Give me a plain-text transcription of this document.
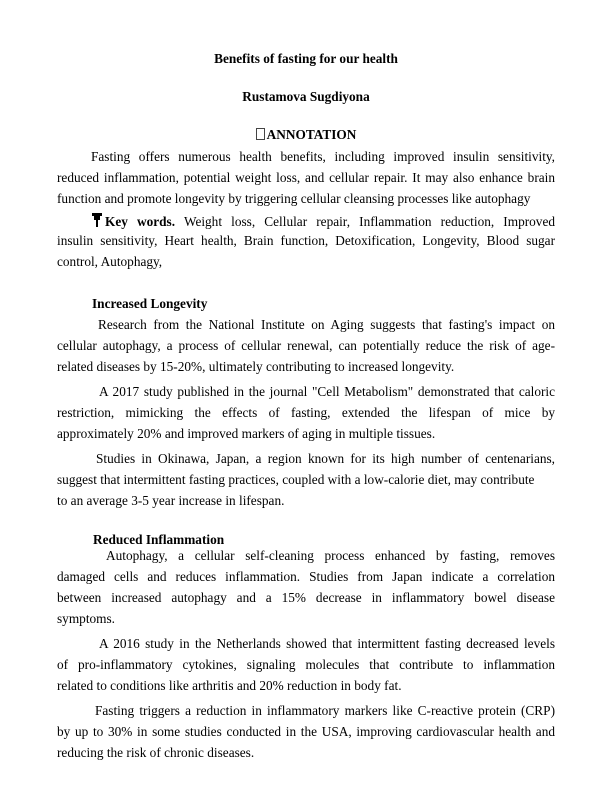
Benefits of fasting for our health
Rustamova Sugdiyona
ANNOTATION
Fasting offers numerous health benefits, including improved insulin sensitivity,
reduced inflammation, potential weight loss, and cellular repair. It may also enhance brain
function and promote longevity by triggering cellular cleansing processes like autophagy
Key words. Weight loss, Cellular repair, Inflammation reduction, Improved
insulin sensitivity, Heart health, Brain function, Detoxification, Longevity, Blood sugar
control, Autophagy,
Increased Longevity
Research from the National Institute on Aging suggests that fasting's impact on
cellular autophagy, a process of cellular renewal, can potentially reduce the risk of age-
related diseases by 15-20%, ultimately contributing to increased longevity.
A 2017 study published in the journal "Cell Metabolism" demonstrated that caloric
restriction, mimicking the effects of fasting, extended the lifespan of mice by
approximately 20% and improved markers of aging in multiple tissues.
Studies in Okinawa, Japan, a region known for its high number of centenarians,
suggest that intermittent fasting practices, coupled with a low-calorie diet, may contribute
to an average 3-5 year increase in lifespan.
Reduced Inflammation
Autophagy, a cellular self-cleaning process enhanced by fasting, removes
damaged cells and reduces inflammation. Studies from Japan indicate a correlation
between increased autophagy and a 15% decrease in inflammatory bowel disease
symptoms.
A 2016 study in the Netherlands showed that intermittent fasting decreased levels
of pro-inflammatory cytokines, signaling molecules that contribute to inflammation
related to conditions like arthritis and 20% reduction in body fat.
Fasting triggers a reduction in inflammatory markers like C-reactive protein (CRP)
by up to 30% in some studies conducted in the USA, improving cardiovascular health and
reducing the risk of chronic diseases.
